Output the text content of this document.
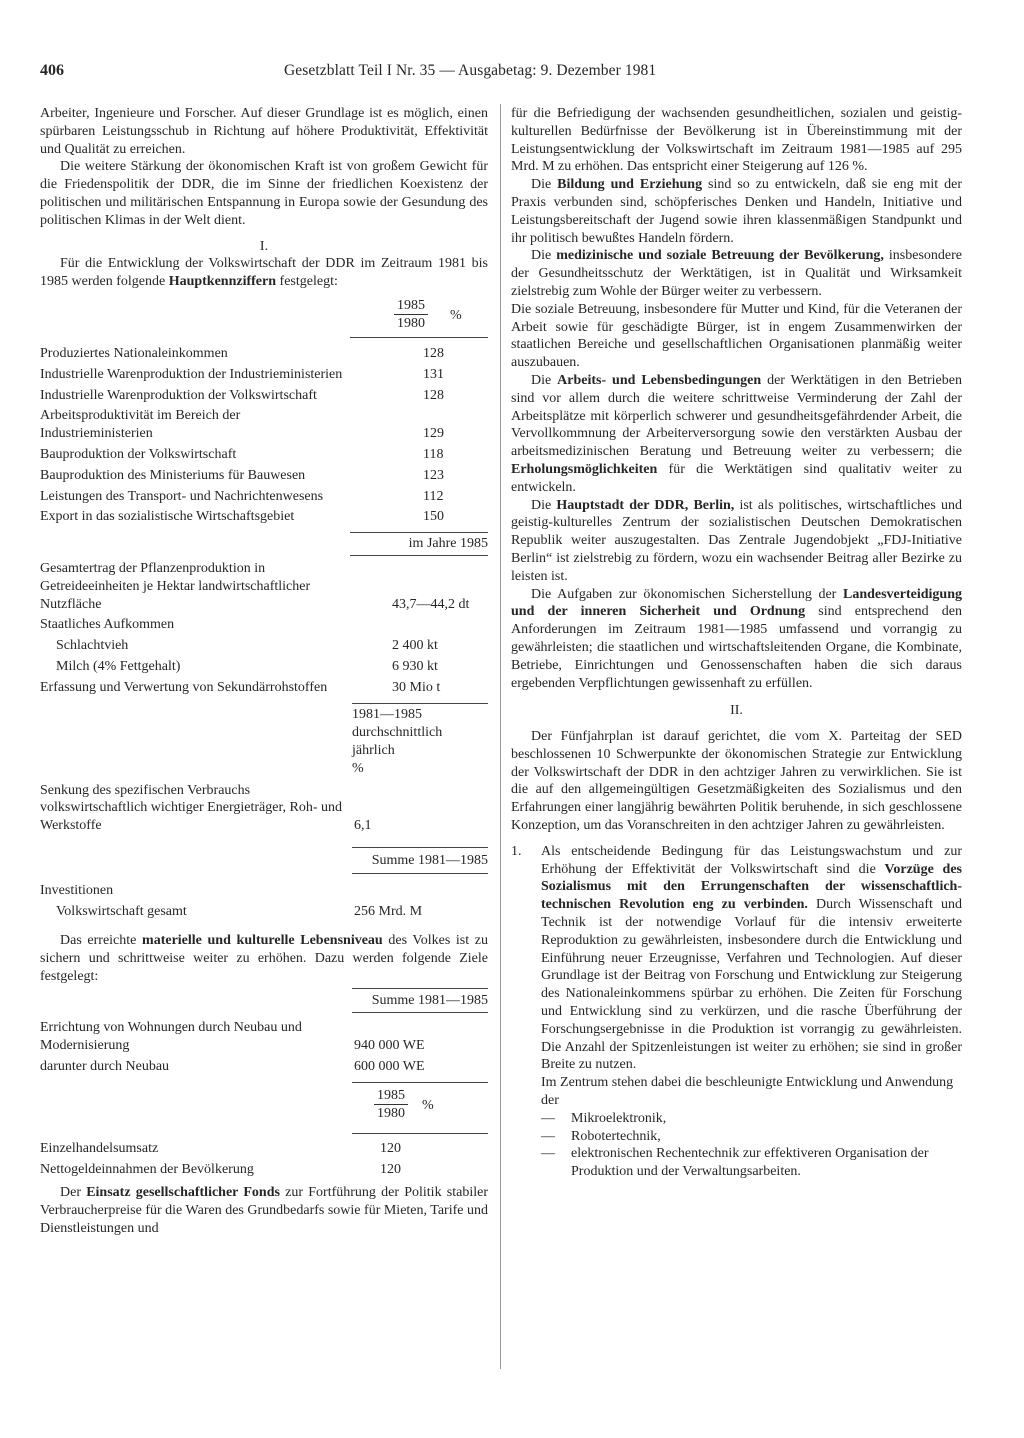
406	Gesetzblatt Teil I Nr. 35 — Ausgabetag: 9. Dezember 1981

Arbeiter, Ingenieure und Forscher. Auf dieser Grundlage ist es möglich, einen spürbaren Leistungsschub in Richtung auf höhere Produktivität, Effektivität und Qualität zu erreichen.

Die weitere Stärkung der ökonomischen Kraft ist von großem Gewicht für die Friedenspolitik der DDR, die im Sinne der friedlichen Koexistenz der politischen und militärischen Entspannung in Europa sowie der Gesundung des politischen Klimas in der Welt dient.

I.

Für die Entwicklung der Volkswirtschaft der DDR im Zeitraum 1981 bis 1985 werden folgende Hauptkennziffern festgelegt:

$\frac{1985}{1980}$ %
Produziertes Nationaleinkommen	128
Industrielle Warenproduktion der Industrieministerien	131
Industrielle Warenproduktion der Volkswirtschaft	128
Arbeitsproduktivität im Bereich der Industrieministerien	129
Bauproduktion der Volkswirtschaft	118
Bauproduktion des Ministeriums für Bauwesen	123
Leistungen des Transport- und Nachrichtenwesens	112
Export in das sozialistische Wirtschaftsgebiet	150
im Jahre 1985
Gesamtertrag der Pflanzenproduktion in Getreideeinheiten je Hektar landwirtschaftlicher Nutzfläche	43,7—44,2 dt
Staatliches Aufkommen
Schlachtvieh	2 400 kt
Milch (4% Fettgehalt)	6 930 kt
Erfassung und Verwertung von Sekundärrohstoffen	30 Mio t
1981—1985
durchschnittlich
jährlich
%
Senkung des spezifischen Verbrauchs volkswirtschaftlich wichtiger Energieträger, Roh- und Werkstoffe	6,1
Summe 1981—1985
Investitionen
Volkswirtschaft gesamt	256 Mrd. M

Das erreichte materielle und kulturelle Lebensniveau des Volkes ist zu sichern und schrittweise weiter zu erhöhen. Dazu werden folgende Ziele festgelegt:

Summe 1981—1985
Errichtung von Wohnungen durch Neubau und Modernisierung	940 000 WE
darunter durch Neubau	600 000 WE
$\frac{1985}{1980}$ %
Einzelhandelsumsatz	120
Nettogeldeinnahmen der Bevölkerung	120

Der Einsatz gesellschaftlicher Fonds zur Fortführung der Politik stabiler Verbraucherpreise für die Waren des Grundbedarfs sowie für Mieten, Tarife und Dienstleistungen und

für die Befriedigung der wachsenden gesundheitlichen, sozialen und geistig-kulturellen Bedürfnisse der Bevölkerung ist in Übereinstimmung mit der Leistungsentwicklung der Volkswirtschaft im Zeitraum 1981—1985 auf 295 Mrd. M zu erhöhen. Das entspricht einer Steigerung auf 126 %.

Die Bildung und Erziehung sind so zu entwickeln, daß sie eng mit der Praxis verbunden sind, schöpferisches Denken und Handeln, Initiative und Leistungsbereitschaft der Jugend sowie ihren klassenmäßigen Standpunkt und ihr politisch bewußtes Handeln fördern.

Die medizinische und soziale Betreuung der Bevölkerung, insbesondere der Gesundheitsschutz der Werktätigen, ist in Qualität und Wirksamkeit zielstrebig zum Wohle der Bürger weiter zu verbessern.

Die soziale Betreuung, insbesondere für Mutter und Kind, für die Veteranen der Arbeit sowie für geschädigte Bürger, ist in engem Zusammenwirken der staatlichen Bereiche und gesellschaftlichen Organisationen planmäßig weiter auszubauen.

Die Arbeits- und Lebensbedingungen der Werktätigen in den Betrieben sind vor allem durch die weitere schrittweise Verminderung der Zahl der Arbeitsplätze mit körperlich schwerer und gesundheitsgefährdender Arbeit, die Vervollkommnung der Arbeiterversorgung sowie den verstärkten Ausbau der arbeitsmedizinischen Beratung und Betreuung weiter zu verbessern; die Erholungsmöglichkeiten für die Werktätigen sind qualitativ weiter zu entwickeln.

Die Hauptstadt der DDR, Berlin, ist als politisches, wirtschaftliches und geistig-kulturelles Zentrum der sozialistischen Deutschen Demokratischen Republik weiter auszugestalten. Das Zentrale Jugendobjekt „FDJ-Initiative Berlin“ ist zielstrebig zu fördern, wozu ein wachsender Beitrag aller Bezirke zu leisten ist.

Die Aufgaben zur ökonomischen Sicherstellung der Landesverteidigung und der inneren Sicherheit und Ordnung sind entsprechend den Anforderungen im Zeitraum 1981—1985 umfassend und vorrangig zu gewährleisten; die staatlichen und wirtschaftsleitenden Organe, die Kombinate, Betriebe, Einrichtungen und Genossenschaften haben die sich daraus ergebenden Verpflichtungen gewissenhaft zu erfüllen.

II.

Der Fünfjahrplan ist darauf gerichtet, die vom X. Parteitag der SED beschlossenen 10 Schwerpunkte der ökonomischen Strategie zur Entwicklung der Volkswirtschaft der DDR in den achtziger Jahren zu verwirklichen. Sie ist die auf den allgemeingültigen Gesetzmäßigkeiten des Sozialismus und den Erfahrungen einer langjährig bewährten Politik beruhende, in sich geschlossene Konzeption, um das Voranschreiten in den achtziger Jahren zu gewährleisten.

1. Als entscheidende Bedingung für das Leistungswachstum und zur Erhöhung der Effektivität der Volkswirtschaft sind die Vorzüge des Sozialismus mit den Errungenschaften der wissenschaftlich-technischen Revolution eng zu verbinden. Durch Wissenschaft und Technik ist der notwendige Vorlauf für die intensiv erweiterte Reproduktion zu gewährleisten, insbesondere durch die Entwicklung und Einführung neuer Erzeugnisse, Verfahren und Technologien. Auf dieser Grundlage ist der Beitrag von Forschung und Entwicklung zur Steigerung des Nationaleinkommens spürbar zu erhöhen. Die Zeiten für Forschung und Entwicklung sind zu verkürzen, und die rasche Überführung der Forschungsergebnisse in die Produktion ist vorrangig zu gewährleisten. Die Anzahl der Spitzenleistungen ist weiter zu erhöhen; sie sind in großer Breite zu nutzen.

Im Zentrum stehen dabei die beschleunigte Entwicklung und Anwendung der

— Mikroelektronik,
— Robotertechnik,
— elektronischen Rechentechnik zur effektiveren Organisation der Produktion und der Verwaltungsarbeiten.
